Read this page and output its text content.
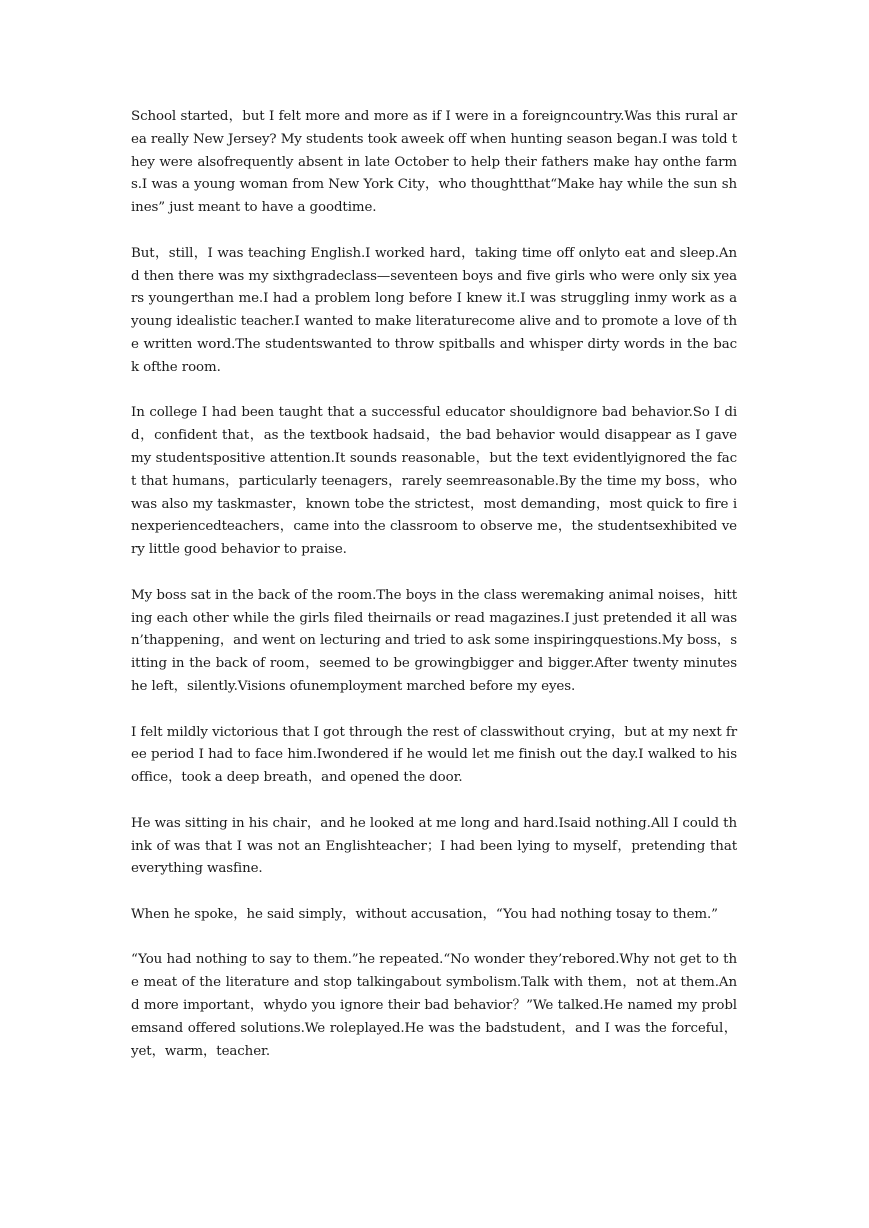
School started，but I felt more and more as if I were in a foreigncountry.Was this rural area really New Jersey? My students took aweek off when hunting season began.I was told they were alsofrequently absent in late October to help their fathers make hay onthe farms.I was a young woman from New York City，who thoughtthat“Make hay while the sun shines” just meant to have a goodtime.

But，still，I was teaching English.I worked hard，taking time off onlyto eat and sleep.And then there was my sixthgradeclass—seventeen boys and five girls who were only six years youngerthan me.I had a problem long before I knew it.I was struggling inmy work as a young idealistic teacher.I wanted to make literaturecome alive and to promote a love of the written word.The studentswanted to throw spitballs and whisper dirty words in the back ofthe room.

In college I had been taught that a successful educator shouldignore bad behavior.So I did，confident that，as the textbook hadsaid，the bad behavior would disappear as I gave my studentspositive attention.It sounds reasonable，but the text evidentlyignored the fact that humans，particularly teenagers，rarely seemreasonable.By the time my boss，who was also my taskmaster，known tobe the strictest，most demanding，most quick to fire inexperiencedteachers，came into the classroom to observe me，the studentsexhibited very little good behavior to praise.

My boss sat in the back of the room.The boys in the class weremaking animal noises，hitting each other while the girls filed theirnails or read magazines.I just pretended it all wasn’thappening，and went on lecturing and tried to ask some inspiringquestions.My boss，sitting in the back of room，seemed to be growingbigger and bigger.After twenty minutes he left，silently.Visions ofunemployment marched before my eyes.

I felt mildly victorious that I got through the rest of classwithout crying，but at my next free period I had to face him.Iwondered if he would let me finish out the day.I walked to hisoffice，took a deep breath，and opened the door.

He was sitting in his chair，and he looked at me long and hard.Isaid nothing.All I could think of was that I was not an Englishteacher；I had been lying to myself，pretending that everything wasfine.

When he spoke，he said simply，without accusation，“You had nothing tosay to them.”

“You had nothing to say to them.”he repeated.“No wonder they’rebored.Why not get to the meat of the literature and stop talkingabout symbolism.Talk with them，not at them.And more important，whydo you ignore their bad behavior？”We talked.He named my problemsand offered solutions.We roleplayed.He was the badstudent，and I was the forceful，yet，warm，teacher.
